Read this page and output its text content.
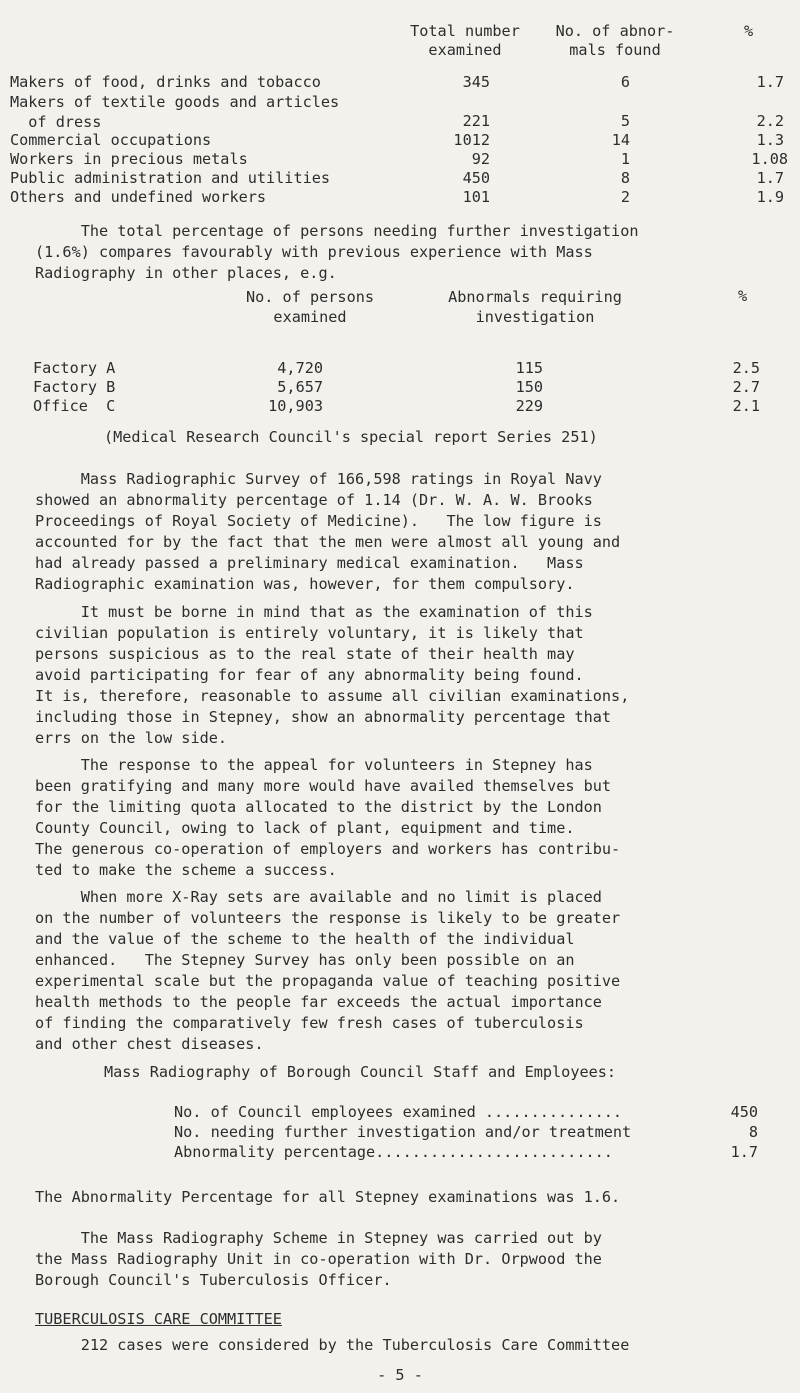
Total number
examined
No. of abnor-
mals found
%
Makers of food, drinks and tobacco	345	6	1.7
Makers of textile goods and articles
of dress	221	5	2.2
Commercial occupations	1012	14	1.3
Workers in precious metals	92	1	1.08
Public administration and utilities	450	8	1.7
Others and undefined workers	101	2	1.9
The total percentage of persons needing further investigation
(1.6%) compares favourably with previous experience with Mass
Radiography in other places, e.g.
No. of persons
examined
Abnormals requiring
investigation
%
Factory A	4,720	115	2.5
Factory B	5,657	150	2.7
Office  C	10,903	229	2.1
(Medical Research Council's special report Series 251)
Mass Radiographic Survey of 166,598 ratings in Royal Navy
showed an abnormality percentage of 1.14 (Dr. W. A. W. Brooks
Proceedings of Royal Society of Medicine).   The low figure is
accounted for by the fact that the men were almost all young and
had already passed a preliminary medical examination.   Mass
Radiographic examination was, however, for them compulsory.
It must be borne in mind that as the examination of this
civilian population is entirely voluntary, it is likely that
persons suspicious as to the real state of their health may
avoid participating for fear of any abnormality being found.
It is, therefore, reasonable to assume all civilian examinations,
including those in Stepney, show an abnormality percentage that
errs on the low side.
The response to the appeal for volunteers in Stepney has
been gratifying and many more would have availed themselves but
for the limiting quota allocated to the district by the London
County Council, owing to lack of plant, equipment and time.
The generous co-operation of employers and workers has contribu-
ted to make the scheme a success.
When more X-Ray sets are available and no limit is placed
on the number of volunteers the response is likely to be greater
and the value of the scheme to the health of the individual
enhanced.   The Stepney Survey has only been possible on an
experimental scale but the propaganda value of teaching positive
health methods to the people far exceeds the actual importance
of finding the comparatively few fresh cases of tuberculosis
and other chest diseases.
Mass Radiography of Borough Council Staff and Employees:
No. of Council employees examined ...............	450
No. needing further investigation and/or treatment	8
Abnormality percentage..........................	1.7
The Abnormality Percentage for all Stepney examinations was 1.6.
The Mass Radiography Scheme in Stepney was carried out by
the Mass Radiography Unit in co-operation with Dr. Orpwood the
Borough Council's Tuberculosis Officer.
TUBERCULOSIS CARE COMMITTEE
212 cases were considered by the Tuberculosis Care Committee
- 5 -
